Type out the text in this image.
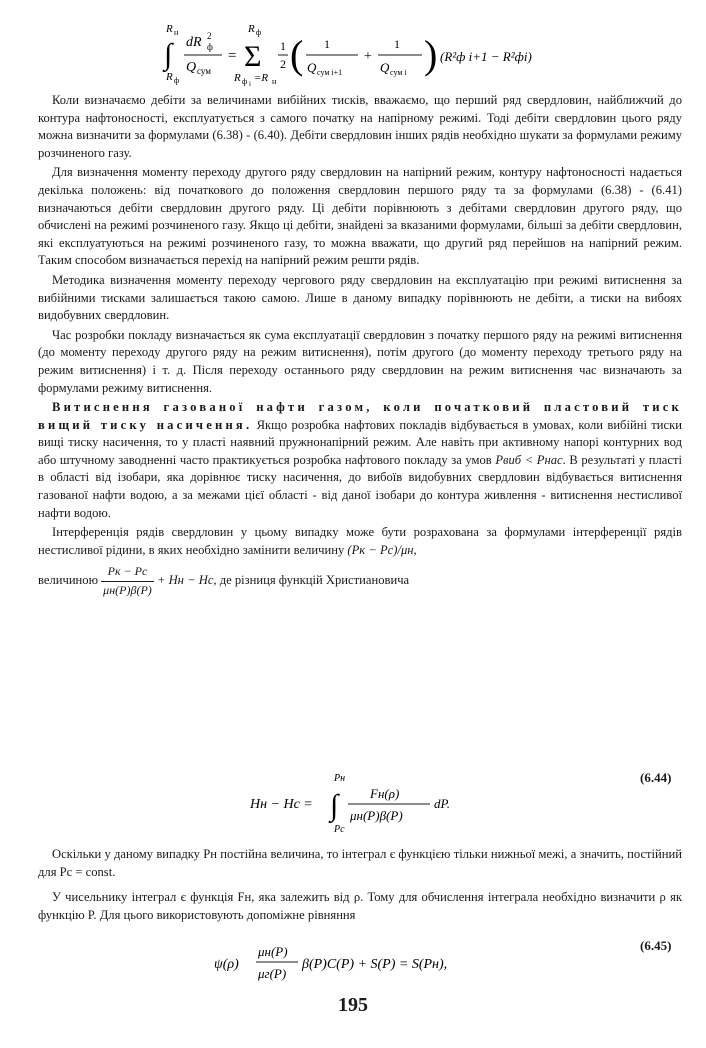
∫
R н
R ф
dR 2
ф
Q сум
= Σ
R ф
R ф i =R н
1
2 ( 1
Q сум i+1
+
1
Q сум i ) (R²ф i+1 − R²фi)

Коли визначаємо дебіти за величинами вибійних тисків, вважаємо, що перший ряд свердловин, найближчий до контура нафтоносності, експлуатується з самого початку на напірному режимі. Тоді дебіти свердловин цього ряду можна визначити за формулами (6.38) - (6.40). Дебіти свердловин інших рядів необхідно шукати за формулами режиму розчиненого газу.

Для визначення моменту переходу другого ряду свердловин на напірний режим, контуру нафтоносності надається декілька положень: від початкового до положення свердловин першого ряду та за формулами (6.38) - (6.41) визначаються дебіти свердловин другого ряду. Ці дебіти порівнюють з дебітами свердловин другого ряду, що обчислені на режимі розчиненого газу. Якщо ці дебіти, знайдені за вказаними формулами, більші за дебіти свердловин, які експлуатуються на режимі розчиненого газу, то можна вважати, що другий ряд перейшов на напірний режим. Таким способом визначається перехід на напірний режим решти рядів.

Методика визначення моменту переходу чергового ряду свердловин на експлуатацію при режимі витиснення за вибійними тисками залишається такою самою. Лише в даному випадку порівнюють не дебіти, а тиски на вибоях видобувних свердловин.

Час розробки покладу визначається як сума експлуатації свердловин з початку першого ряду на режимі витиснення (до моменту переходу другого ряду на режим витиснення), потім другого (до моменту переходу третього ряду на режим витиснення) і т. д. Після переходу останнього ряду свердловин на режим витиснення час визначають за формулами режиму витиснення.

Витиснення газованої нафти газом, коли початковий пластовий тиск вищий тиску насичення. Якщо розробка нафтових покладів відбувається в умовах, коли вибійні тиски вищі тиску насичення, то у пласті наявний пружнонапірний режим. Але навіть при активному напорі контурних вод або штучному заводненні часто практикується розробка нафтового покладу за умов Pвиб < Pнас. В результаті у пласті в області від ізобари, яка дорівнює тиску насичення, до вибоїв видобувних свердловин відбувається витиснення газованої нафти водою, а за межами цієї області - від даної ізобари до контура живлення - витиснення нестисливої нафти водою.

Інтерференція рядів свердловин у цьому випадку може бути розрахована за формулами інтерференції рядів нестисливої рідини, в яких необхідно замінити величину (Pк − Pс)/μн,

величиною $\frac{Pк - Pс}{\mu н(P)\beta(P)}$ + Hн − Hс, де різниця функцій Христиановича

(6.44)
Hн − Hс = ∫
Pн
Pс
Fн(ρ)
μн(P)β(P)
dP.

Оскільки у даному випадку Pн постійна величина, то інтеграл є функцією тільки нижньої межі, а значить, постійний для Pс = const.

У чисельнику інтеграл є функція Fн, яка залежить від ρ. Тому для обчислення інтеграла необхідно визначити ρ як функцію P. Для цього використовують допоміжне рівняння

(6.45)
ψ(ρ)
μн(P)
μг(P)
β(P)C(P) + S(P) = S(Pн),
195
